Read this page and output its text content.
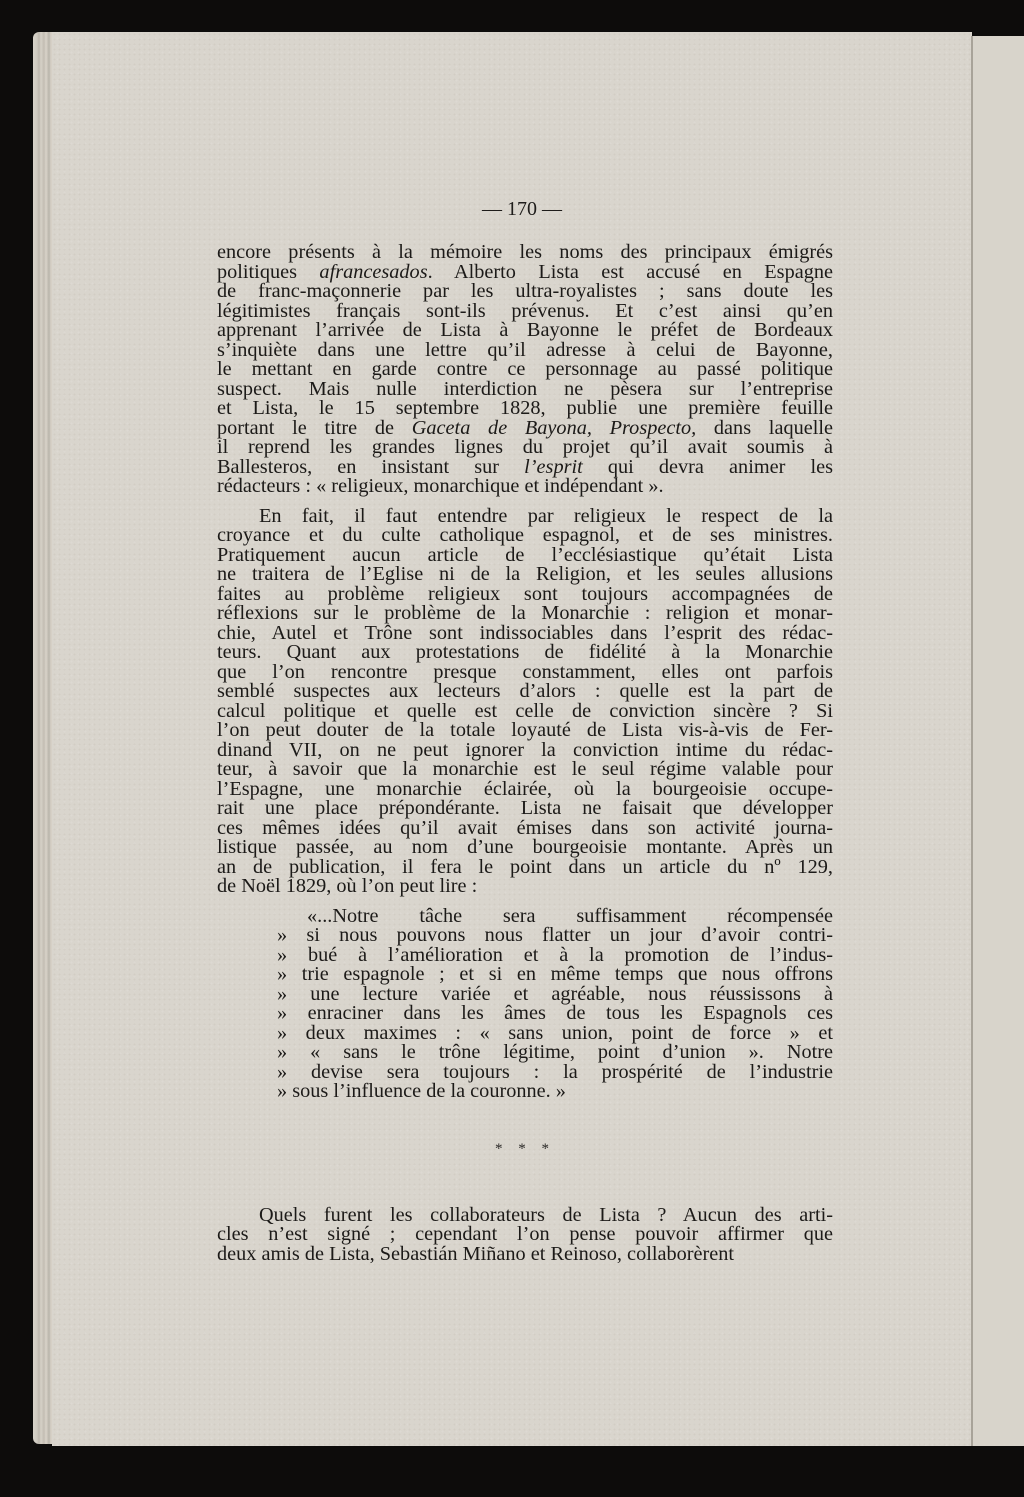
— 170 —
encore présents à la mémoire les noms des principaux émigrés
politiques afrancesados. Alberto Lista est accusé en Espagne
de franc-maçonnerie par les ultra-royalistes ; sans doute les
légitimistes français sont-ils prévenus. Et c’est ainsi qu’en
apprenant l’arrivée de Lista à Bayonne le préfet de Bordeaux
s’inquiète dans une lettre qu’il adresse à celui de Bayonne,
le mettant en garde contre ce personnage au passé politique
suspect. Mais nulle interdiction ne pèsera sur l’entreprise
et Lista, le 15 septembre 1828, publie une première feuille
portant le titre de Gaceta de Bayona, Prospecto, dans laquelle
il reprend les grandes lignes du projet qu’il avait soumis à
Ballesteros, en insistant sur l’esprit qui devra animer les
rédacteurs : « religieux, monarchique et indépendant ».
En fait, il faut entendre par religieux le respect de la
croyance et du culte catholique espagnol, et de ses ministres.
Pratiquement aucun article de l’ecclésiastique qu’était Lista
ne traitera de l’Eglise ni de la Religion, et les seules allusions
faites au problème religieux sont toujours accompagnées de
réflexions sur le problème de la Monarchie : religion et monar-
chie, Autel et Trône sont indissociables dans l’esprit des rédac-
teurs. Quant aux protestations de fidélité à la Monarchie
que l’on rencontre presque constamment, elles ont parfois
semblé suspectes aux lecteurs d’alors : quelle est la part de
calcul politique et quelle est celle de conviction sincère ? Si
l’on peut douter de la totale loyauté de Lista vis-à-vis de Fer-
dinand VII, on ne peut ignorer la conviction intime du rédac-
teur, à savoir que la monarchie est le seul régime valable pour
l’Espagne, une monarchie éclairée, où la bourgeoisie occupe-
rait une place prépondérante. Lista ne faisait que développer
ces mêmes idées qu’il avait émises dans son activité journa-
listique passée, au nom d’une bourgeoisie montante. Après un
an de publication, il fera le point dans un article du nº 129,
de Noël 1829, où l’on peut lire :
«...Notre tâche sera suffisamment récompensée
» si nous pouvons nous flatter un jour d’avoir contri-
» bué à l’amélioration et à la promotion de l’indus-
» trie espagnole ; et si en même temps que nous offrons
» une lecture variée et agréable, nous réussissons à
» enraciner dans les âmes de tous les Espagnols ces
» deux maximes : « sans union, point de force » et
» « sans le trône légitime, point d’union ». Notre
» devise sera toujours : la prospérité de l’industrie
» sous l’influence de la couronne. »
* * *
Quels furent les collaborateurs de Lista ? Aucun des arti-
cles n’est signé ; cependant l’on pense pouvoir affirmer que
deux amis de Lista, Sebastián Miñano et Reinoso, collaborèrent
